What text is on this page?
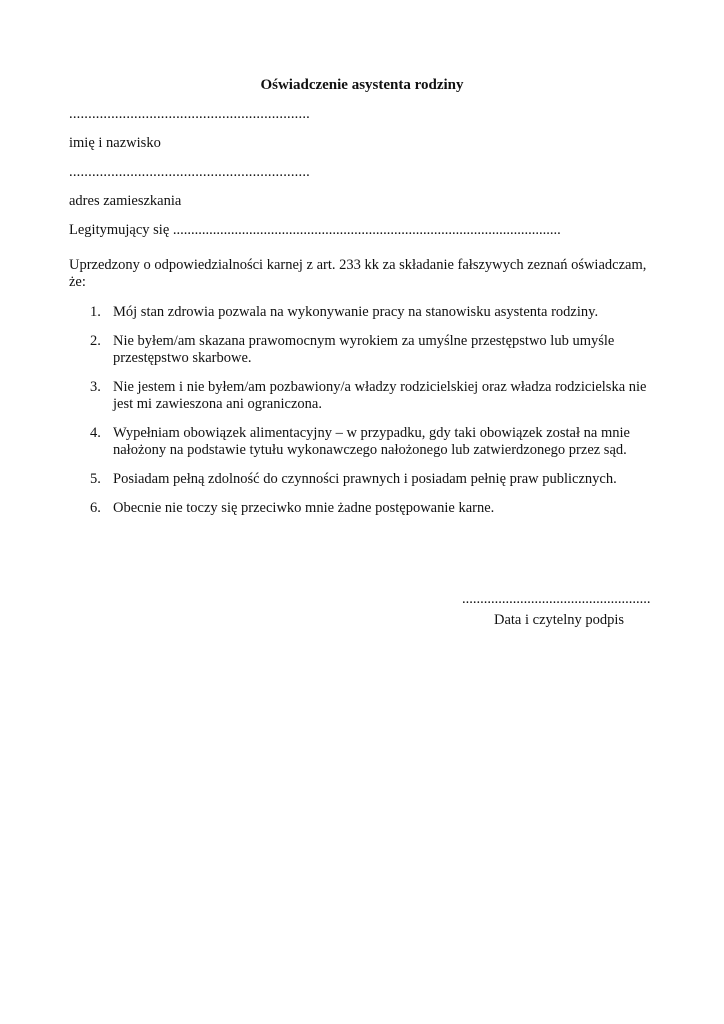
Oświadczenie asystenta rodziny
...............................................................
imię i nazwisko
...............................................................
adres zamieszkania
Legitymujący się ...........................................................................................................
Uprzedzony o odpowiedzialności karnej z art. 233 kk za składanie fałszywych zeznań oświadczam, że:
1. Mój stan zdrowia pozwala na wykonywanie pracy na stanowisku asystenta rodziny.
2. Nie byłem/am skazana prawomocnym wyrokiem za umyślne przestępstwo lub umyśle przestępstwo skarbowe.
3. Nie jestem i nie byłem/am pozbawiony/a władzy rodzicielskiej oraz władza rodzicielska nie jest mi zawieszona ani ograniczona.
4. Wypełniam obowiązek alimentacyjny – w przypadku, gdy taki obowiązek został na mnie nałożony na podstawie tytułu wykonawczego nałożonego lub zatwierdzonego przez sąd.
5. Posiadam pełną zdolność do czynności prawnych i posiadam pełnię praw publicznych.
6. Obecnie nie toczy się przeciwko mnie żadne postępowanie karne.
....................................................
Data i czytelny podpis
